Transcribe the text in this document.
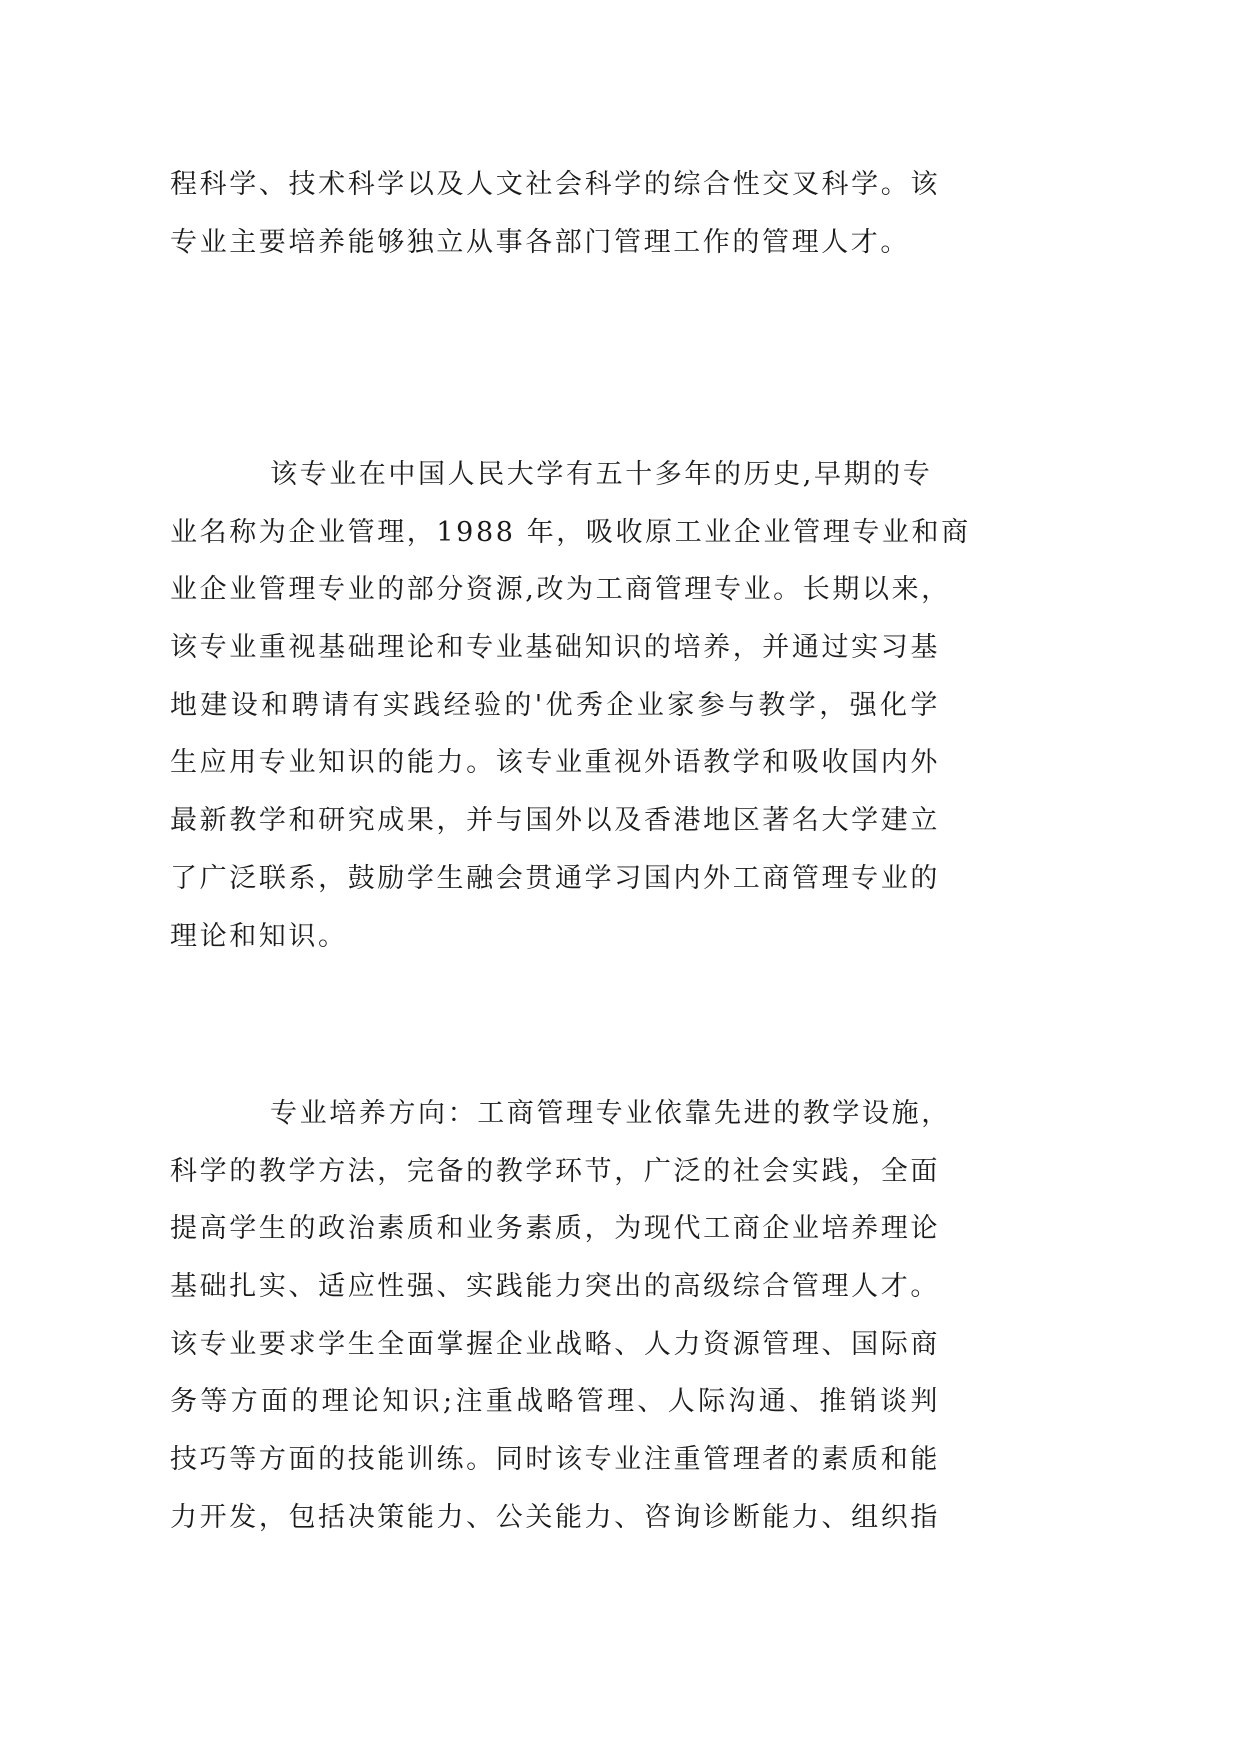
程科学、技术科学以及人文社会科学的综合性交叉科学。该
专业主要培养能够独立从事各部门管理工作的管理人才。
该专业在中国人民大学有五十多年的历史,早期的专
业名称为企业管理，1988 年，吸收原工业企业管理专业和商
业企业管理专业的部分资源,改为工商管理专业。长期以来，
该专业重视基础理论和专业基础知识的培养，并通过实习基
地建设和聘请有实践经验的'优秀企业家参与教学，强化学
生应用专业知识的能力。该专业重视外语教学和吸收国内外
最新教学和研究成果，并与国外以及香港地区著名大学建立
了广泛联系，鼓励学生融会贯通学习国内外工商管理专业的
理论和知识。
专业培养方向：工商管理专业依靠先进的教学设施，
科学的教学方法，完备的教学环节，广泛的社会实践，全面
提高学生的政治素质和业务素质，为现代工商企业培养理论
基础扎实、适应性强、实践能力突出的高级综合管理人才。
该专业要求学生全面掌握企业战略、人力资源管理、国际商
务等方面的理论知识;注重战略管理、人际沟通、推销谈判
技巧等方面的技能训练。同时该专业注重管理者的素质和能
力开发，包括决策能力、公关能力、咨询诊断能力、组织指
